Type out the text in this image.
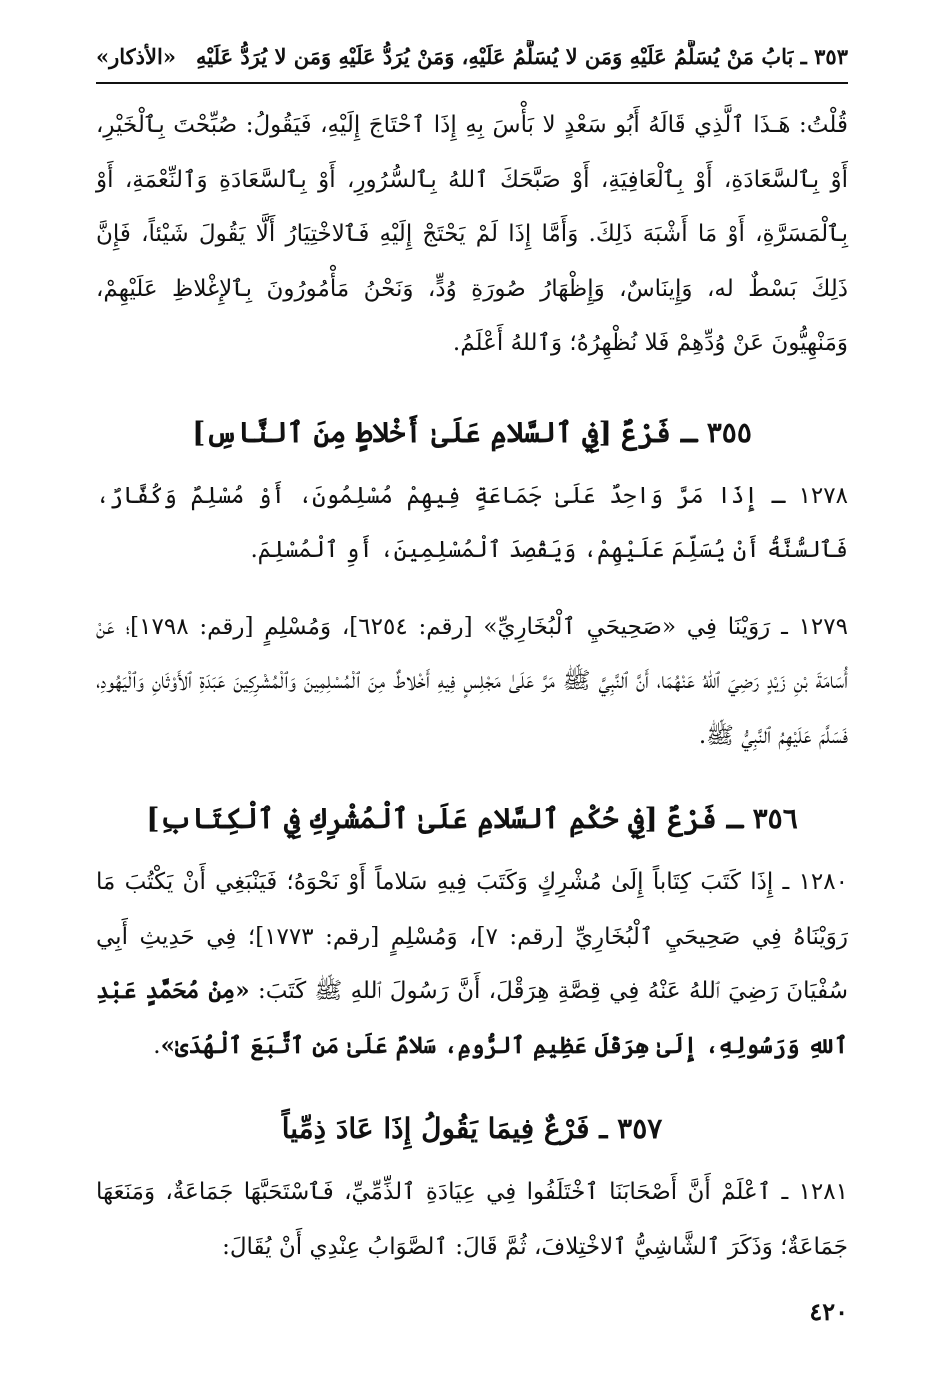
٣٥٣ ـ بَابُ مَنْ يُسَلَّمُ عَلَيْهِ وَمَن لا يُسَلَّمُ عَلَيْهِ، وَمَنْ يُرَدُّ عَلَيْهِ وَمَن لا يُرَدُّ عَلَيْهِ
«الأذكار»

قُلْتُ: هَـذَا ٱلَّذِي قَالَهُ أَبُو سَعْدٍ لا بَأْسَ بِهِ إِذَا ٱحْتَاجَ إِلَيْهِ، فَيَقُولُ: صُبِّحْتَ بِٱلْخَيْرِ، أَوْ بِٱلسَّعَادَةِ، أَوْ بِٱلْعَافِيَةِ، أَوْ صَبَّحَكَ ٱللهُ بِٱلسُّرُورِ، أَوْ بِٱلسَّعَادَةِ وَٱلنِّعْمَةِ، أَوْ بِٱلْمَسَرَّةِ، أَوْ مَا أَشْبَهَ ذَلِكَ. وَأَمَّا إِذَا لَمْ يَحْتَجْ إِلَيْهِ فَٱلاخْتِيَارُ أَلَّا يَقُولَ شَيْئاً، فَإِنَّ ذَلِكَ بَسْطٌ له، وَإِينَاسٌ، وَإِظْهَارُ صُورَةِ وُدٍّ، وَنَحْنُ مَأْمُورُونَ بِٱلإِغْلاظِ عَلَيْهِمْ، وَمَنْهِيُّونَ عَنْ وُدِّهِمْ فَلا نُظْهِرُهُ؛ وَٱللهُ أَعْلَمُ.

٣٥٥ ـ فَرْعٌ [فِي ٱلسَّلامِ عَلَىٰ أَخْلاطٍ مِنَ ٱلنَّاسِ]

١٢٧٨ ـ إِذَا مَرَّ وَاحِدٌ عَلَىٰ جَمَاعَةٍ فِيهِمْ مُسْلِمُونَ، أَوْ مُسْلِمٌ وَكُفَّارٌ، فَٱلسُّنَّةُ أَنْ يُسَلِّمَ عَلَيْهِمْ، وَيَقْصِدَ ٱلْمُسْلِمِينَ، أَوِ ٱلْمُسْلِمَ.

١٢٧٩ ـ رَوَيْنَا فِي «صَحِيحَيِ ٱلْبُخَارِيِّ» [رقم: ٦٢٥٤]، وَمُسْلِمٍ [رقم: ١٧٩٨]؛ عَنْ أُسَامَةَ بْنِ زَيْدٍ رَضِيَ ٱللهُ عَنْهُمَا، أَنَّ ٱلنَّبِيَّ ﷺ مَرَّ عَلَىٰ مَجْلِسٍ فِيهِ أَخْلاطٌ مِنَ ٱلْمُسْلِمِينَ وَٱلْمُشْرِكِينَ عَبَدَةِ ٱلأَوْثَانِ وَٱلْيَهُودِ، فَسَلَّمَ عَلَيْهِمُ ٱلنَّبِيُّ ﷺ.

٣٥٦ ـ فَرْعٌ [فِي حُكْمِ ٱلسَّلامِ عَلَىٰ ٱلْمُشْرِكِ فِي ٱلْكِتَابِ]

١٢٨٠ ـ إِذَا كَتَبَ كِتَاباً إِلَىٰ مُشْرِكٍ وَكَتَبَ فِيهِ سَلاماً أَوْ نَحْوَهُ؛ فَيَنْبَغِي أَنْ يَكْتُبَ مَا رَوَيْنَاهُ فِي صَحِيحَيِ ٱلْبُخَارِيِّ [رقم: ٧]، وَمُسْلِمٍ [رقم: ١٧٧٣]؛ فِي حَدِيثِ أَبِي سُفْيَانَ رَضِيَ ٱللهُ عَنْهُ فِي قِصَّةِ هِرَقْلَ، أَنَّ رَسُولَ ٱللهِ ﷺ كَتَبَ: «مِنْ مُحَمَّدٍ عَبْدِ ٱللهِ وَرَسُولِهِ، إِلَىٰ هِرَقْلَ عَظِيمِ ٱلرُّومِ، سَلامٌ عَلَىٰ مَنِ ٱتَّبَعَ ٱلْهُدَىٰ».

٣٥٧ ـ فَرْعٌ فِيمَا يَقُولُ إِذَا عَادَ ذِمِّياً

١٢٨١ ـ ٱعْلَمْ أَنَّ أَصْحَابَنَا ٱخْتَلَفُوا فِي عِيَادَةِ ٱلذِّمِّيِّ، فَٱسْتَحَبَّهَا جَمَاعَةٌ، وَمَنَعَهَا جَمَاعَةٌ؛ وَذَكَرَ ٱلشَّاشِيُّ ٱلاخْتِلافَ، ثُمَّ قَالَ: ٱلصَّوَابُ عِنْدِي أَنْ يُقَالَ:

٤٢٠
